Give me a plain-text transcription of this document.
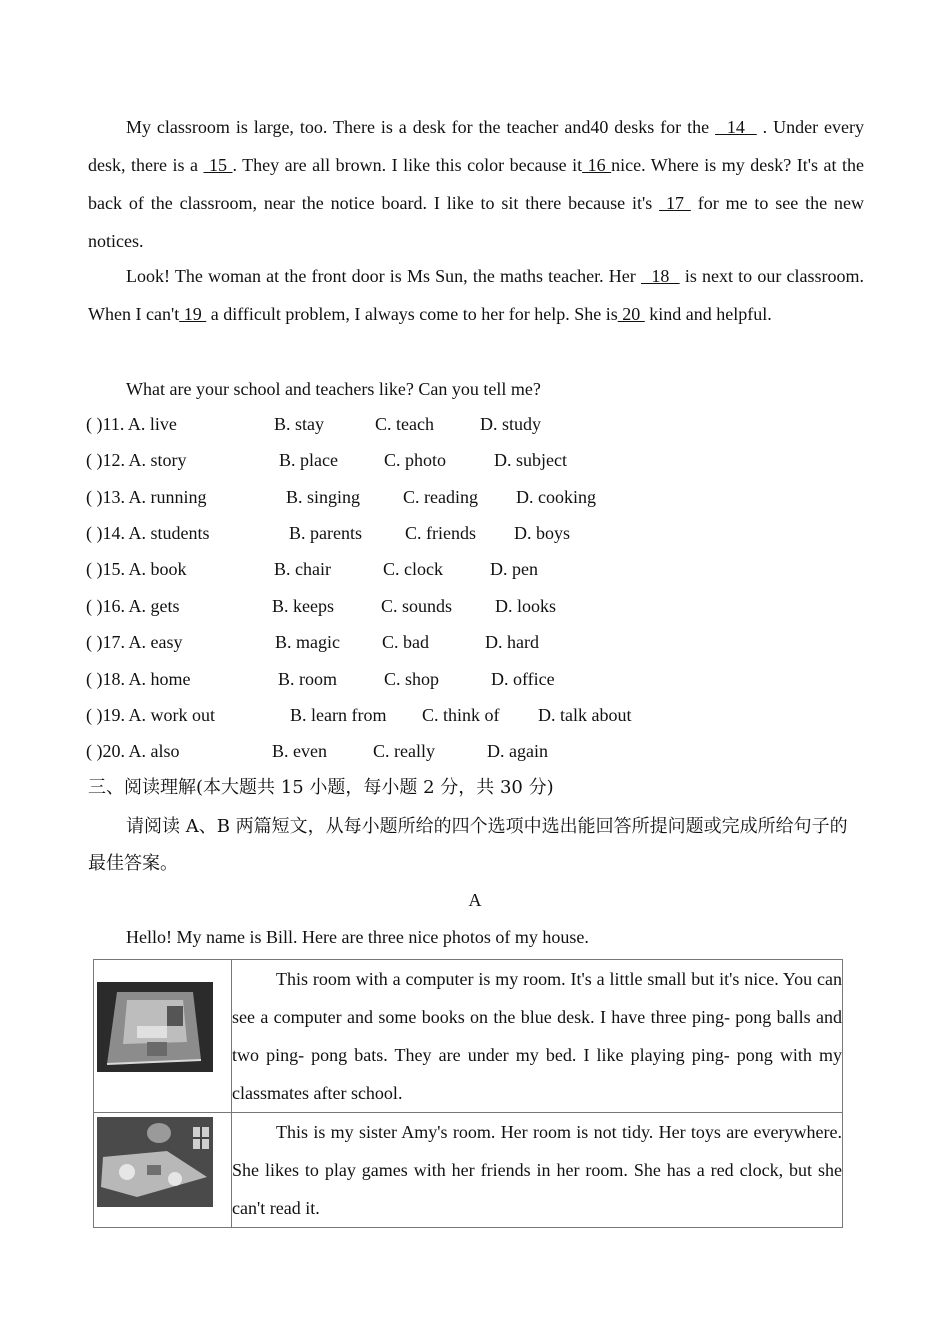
My classroom is large, too. There is a desk for the teacher and40 desks for the   14   . Under every desk, there is a  15 . They are all brown. I like this color because it 16 nice. Where is my desk? It's at the back of the classroom, near the notice board. I like to sit there because it's  17  for me to see the new notices.

Look! The woman at the front door is Ms Sun, the maths teacher. Her   18   is next to our classroom. When I can't 19  a difficult problem, I always come to her for help. She is 20  kind and helpful.

What are your school and teachers like? Can you tell me?

( )11. A. live	B. stay	C. teach	D. study
( )12. A. story	B. place	C. photo	D. subject
( )13. A. running	B. singing C. reading D. cooking
( )14. A. students	B. parents C. friends D. boys
( )15. A. book	B. chair	C. clock	D. pen
( )16. A. gets	B. keeps	C. sounds D. looks
( )17. A. easy	B. magic C. bad	D. hard
( )18. A. home	B. room	C. shop	D. office
( )19. A. work out	B. learn from C. think of D. talk about
( )20. A. also	B. even	C. really	D. again
三、阅读理解(本大题共 15 小题，每小题 2 分，共 30 分)

请阅读 A、B 两篇短文，从每小题所给的四个选项中选出能回答所提问题或完成所给句子的最佳答案。

A

Hello! My name is Bill. Here are three nice photos of my house.

	This room with a computer is my room. It's a little small but it's nice. You can see a computer and some books on the blue desk. I have three ping- pong balls and two ping- pong bats. They are under my bed. I like playing ping- pong with my classmates after school.

	This is my sister Amy's room. Her room is not tidy. Her toys are everywhere. She likes to play games with her friends in her room. She has a red clock, but she can't read it.
